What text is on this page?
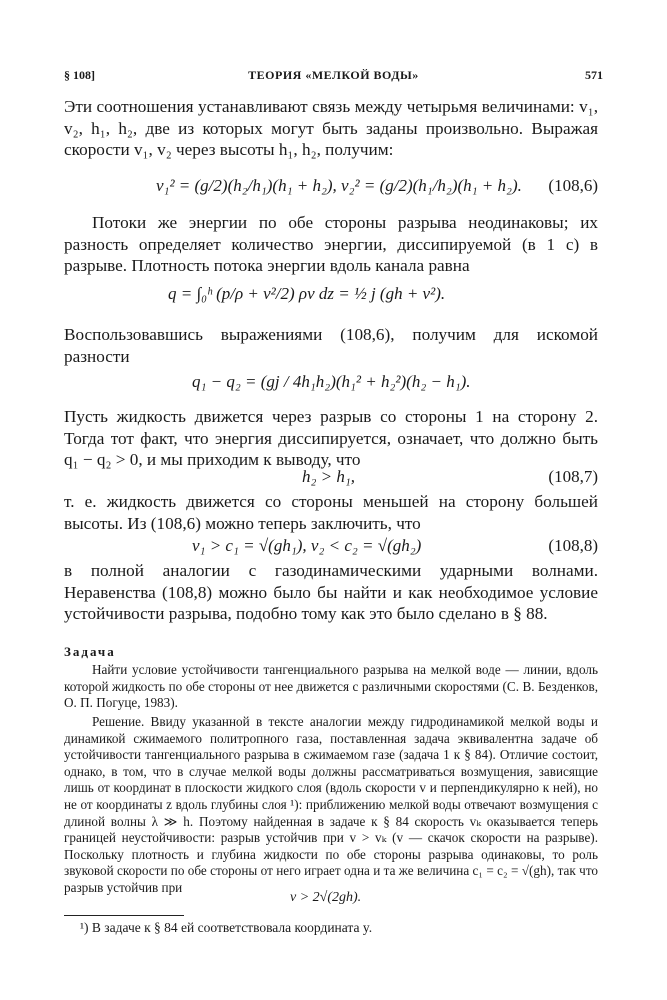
§ 108]	ТЕОРИЯ «МЕЛКОЙ ВОДЫ»	571

Эти соотношения устанавливают связь между четырьмя величинами: v₁, v₂, h₁, h₂, две из которых могут быть заданы произвольно. Выражая скорости v₁, v₂ через высоты h₁, h₂, получим:

v₁² = (g/2)(h₂/h₁)(h₁ + h₂), v₂² = (g/2)(h₁/h₂)(h₁ + h₂). (108,6)

Потоки же энергии по обе стороны разрыва неодинаковы; их разность определяет количество энергии, диссипируемой (в 1 с) в разрыве. Плотность потока энергии вдоль канала равна

q = ∫₀ʰ (p/ρ + v²/2) ρv dz = ½ j (gh + v²).

Воспользовавшись выражениями (108,6), получим для искомой разности

q₁ − q₂ = (gj / 4h₁h₂)(h₁² + h₂²)(h₂ − h₁).

Пусть жидкость движется через разрыв со стороны 1 на сторону 2. Тогда тот факт, что энергия диссипируется, означает, что должно быть q₁ − q₂ > 0, и мы приходим к выводу, что

h₂ > h₁,	(108,7)

т. е. жидкость движется со стороны меньшей на сторону большей высоты. Из (108,6) можно теперь заключить, что

v₁ > c₁ = √(gh₁), v₂ < c₂ = √(gh₂)	(108,8)

в полной аналогии с газодинамическими ударными волнами. Неравенства (108,8) можно было бы найти и как необходимое условие устойчивости разрыва, подобно тому как это было сделано в § 88.

Задача

Найти условие устойчивости тангенциального разрыва на мелкой воде — линии, вдоль которой жидкость по обе стороны от нее движется с различными скоростями (С. В. Безденков, О. П. Погуце, 1983).

Решение. Ввиду указанной в тексте аналогии между гидродинамикой мелкой воды и динамикой сжимаемого политропного газа, поставленная задача эквивалентна задаче об устойчивости тангенциального разрыва в сжимаемом газе (задача 1 к § 84). Отличие состоит, однако, в том, что в случае мелкой воды должны рассматриваться возмущения, зависящие лишь от координат в плоскости жидкого слоя (вдоль скорости v и перпендикулярно к ней), но не от координаты z вдоль глубины слоя ¹): приближению мелкой воды отвечают возмущения с длиной волны λ ≫ h. Поэтому найденная в задаче к § 84 скорость vₖ оказывается теперь границей неустойчивости: разрыв устойчив при v > vₖ (v — скачок скорости на разрыве). Поскольку плотность и глубина жидкости по обе стороны разрыва одинаковы, то роль звуковой скорости по обе стороны от него играет одна и та же величина c₁ = c₂ = √(gh), так что разрыв устойчив при

v > 2√(2gh).
¹) В задаче к § 84 ей соответствовала координата y.
